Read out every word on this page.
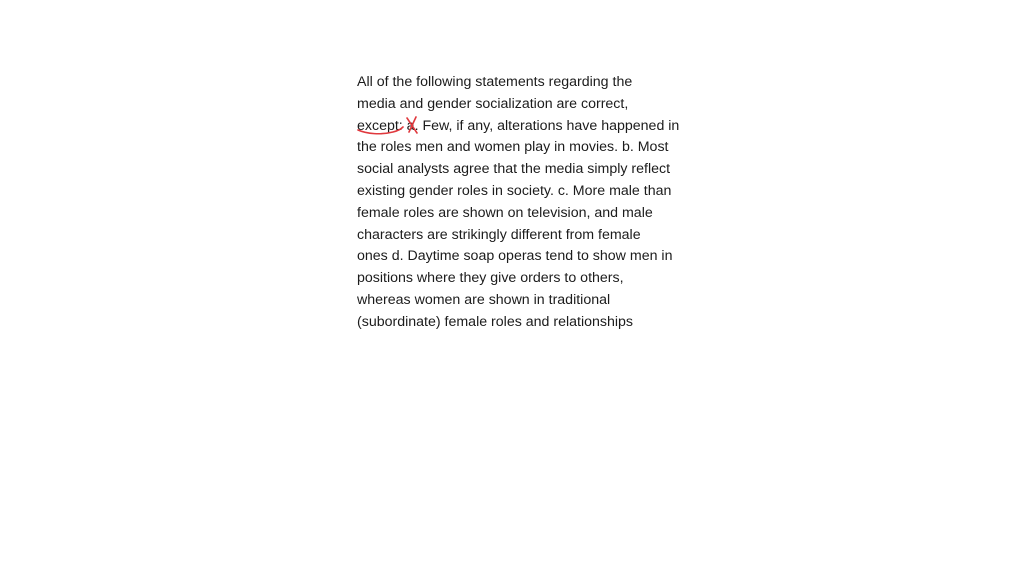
All of the following statements regarding the
media and gender socialization are correct,
except: a. Few, if any, alterations have happened in
the roles men and women play in movies. b. Most
social analysts agree that the media simply reflect
existing gender roles in society. c. More male than
female roles are shown on television, and male
characters are strikingly different from female
ones d. Daytime soap operas tend to show men in
positions where they give orders to others,
whereas women are shown in traditional
(subordinate) female roles and relationships
